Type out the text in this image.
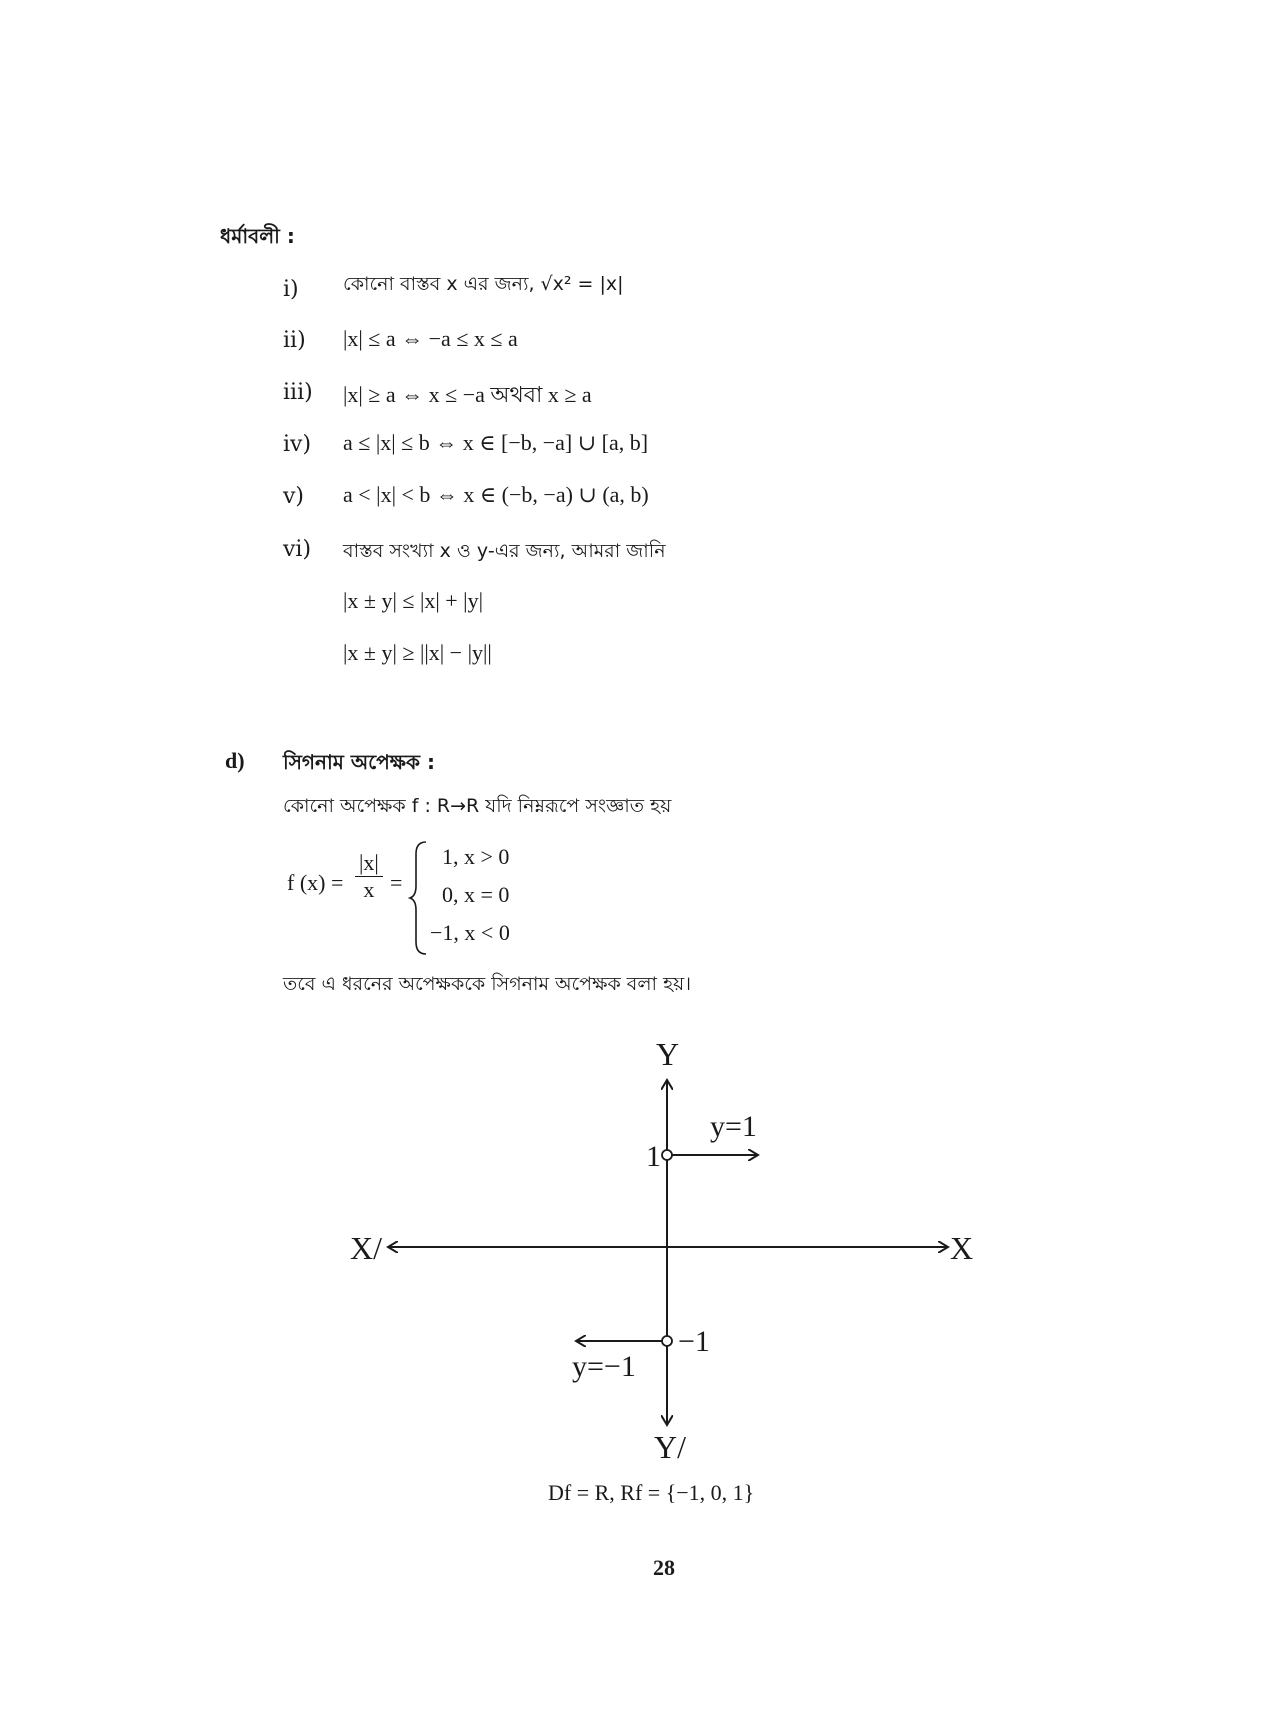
ধর্মাবলী :
i) কোনো বাস্তব x এর জন্য, √x² = |x|
ii) |x| ≤ a ⇔ −a ≤ x ≤ a
iii) |x| ≥ a ⇔ x ≤ −a অথবা x ≥ a
iv) a ≤ |x| ≤ b ⇔ x ∈ [−b, −a] ∪ [a, b]
v) a < |x| < b ⇔ x ∈ (−b, −a) ∪ (a, b)
vi) বাস্তব সংখ্যা x ও y-এর জন্য, আমরা জানি
|x ± y| ≤ |x| + |y|
|x ± y| ≥ ||x| − |y||
d) সিগনাম অপেক্ষক :
কোনো অপেক্ষক f : R→R যদি নিম্নরূপে সংজ্ঞাত হয়
f $(x) = \frac{|x|}{x}$ =
1, x > 0
0, x = 0
−1, x < 0
তবে এ ধরনের অপেক্ষককে সিগনাম অপেক্ষক বলা হয়।
Y
Y/
X/	X
1
y=1
−1
y=−1
Df = R, Rf = {−1, 0, 1}
28
